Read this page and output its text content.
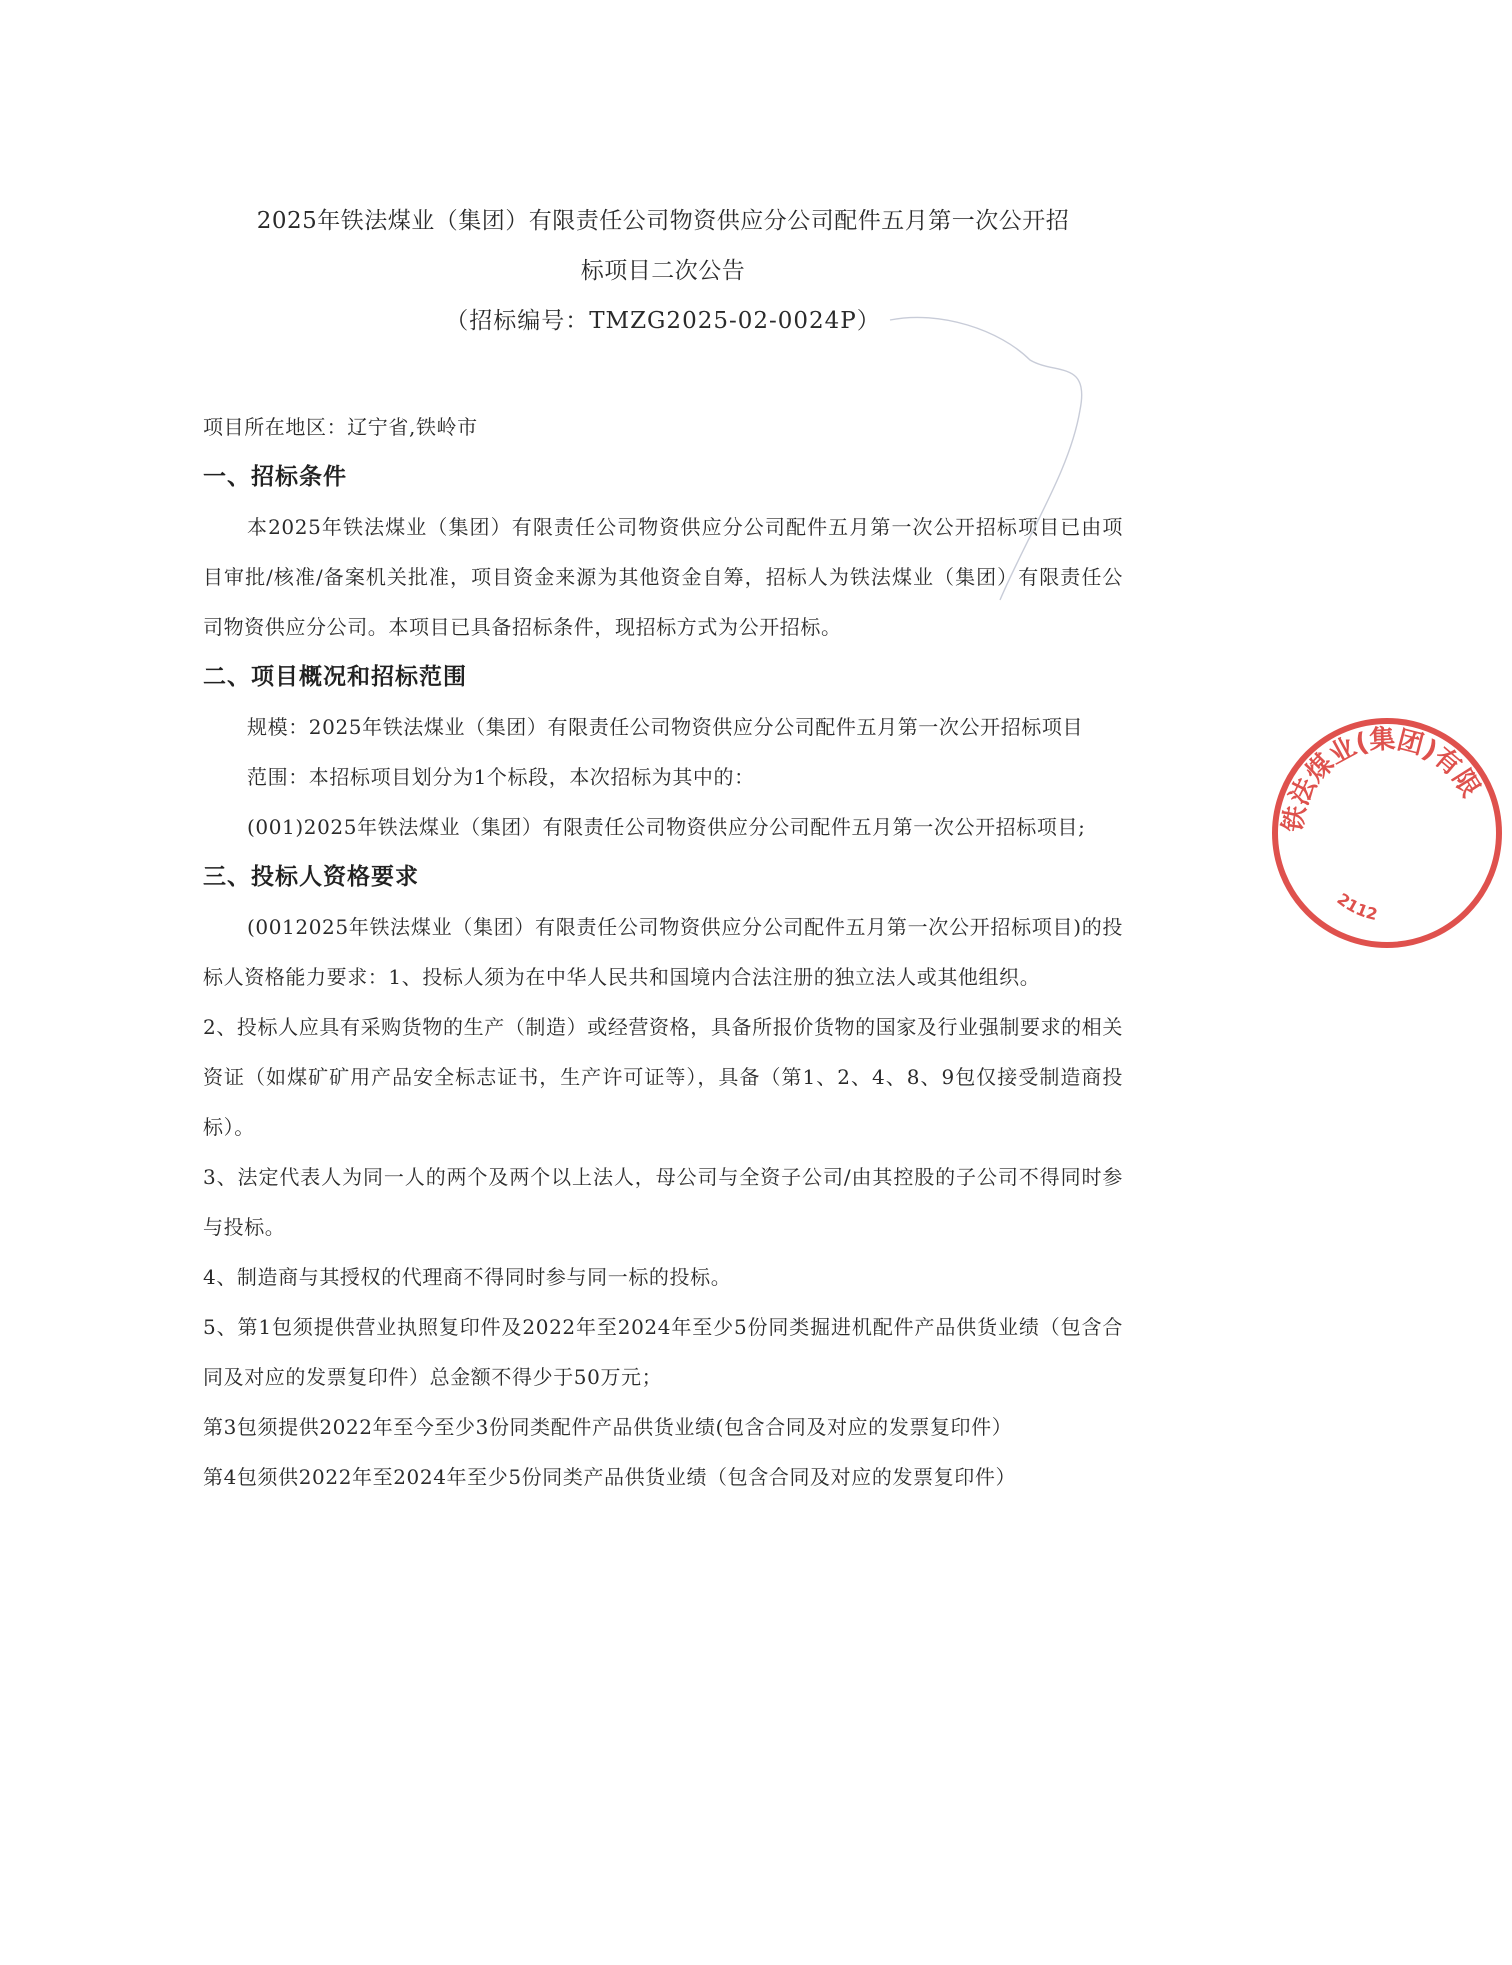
2025年铁法煤业（集团）有限责任公司物资供应分公司配件五月第一次公开招
标项目二次公告
（招标编号：TMZG2025-02-0024P）

项目所在地区：辽宁省,铁岭市

一、招标条件

本2025年铁法煤业（集团）有限责任公司物资供应分公司配件五月第一次公开招标项目已由项目审批/核准/备案机关批准，项目资金来源为其他资金自筹，招标人为铁法煤业（集团）有限责任公司物资供应分公司。本项目已具备招标条件，现招标方式为公开招标。

二、项目概况和招标范围

规模：2025年铁法煤业（集团）有限责任公司物资供应分公司配件五月第一次公开招标项目

范围：本招标项目划分为1个标段，本次招标为其中的：

(001)2025年铁法煤业（集团）有限责任公司物资供应分公司配件五月第一次公开招标项目;

三、投标人资格要求

(0012025年铁法煤业（集团）有限责任公司物资供应分公司配件五月第一次公开招标项目)的投标人资格能力要求：1、投标人须为在中华人民共和国境内合法注册的独立法人或其他组织。

2、投标人应具有采购货物的生产（制造）或经营资格，具备所报价货物的国家及行业强制要求的相关资证（如煤矿矿用产品安全标志证书，生产许可证等），具备（第1、2、4、8、9包仅接受制造商投标）。

3、法定代表人为同一人的两个及两个以上法人，母公司与全资子公司/由其控股的子公司不得同时参与投标。

4、制造商与其授权的代理商不得同时参与同一标的投标。

5、第1包须提供营业执照复印件及2022年至2024年至少5份同类掘进机配件产品供货业绩（包含合同及对应的发票复印件）总金额不得少于50万元；

第3包须提供2022年至今至少3份同类配件产品供货业绩(包含合同及对应的发票复印件）

第4包须供2022年至2024年至少5份同类产品供货业绩（包含合同及对应的发票复印件）

铁法煤业(集团)有限
2112
